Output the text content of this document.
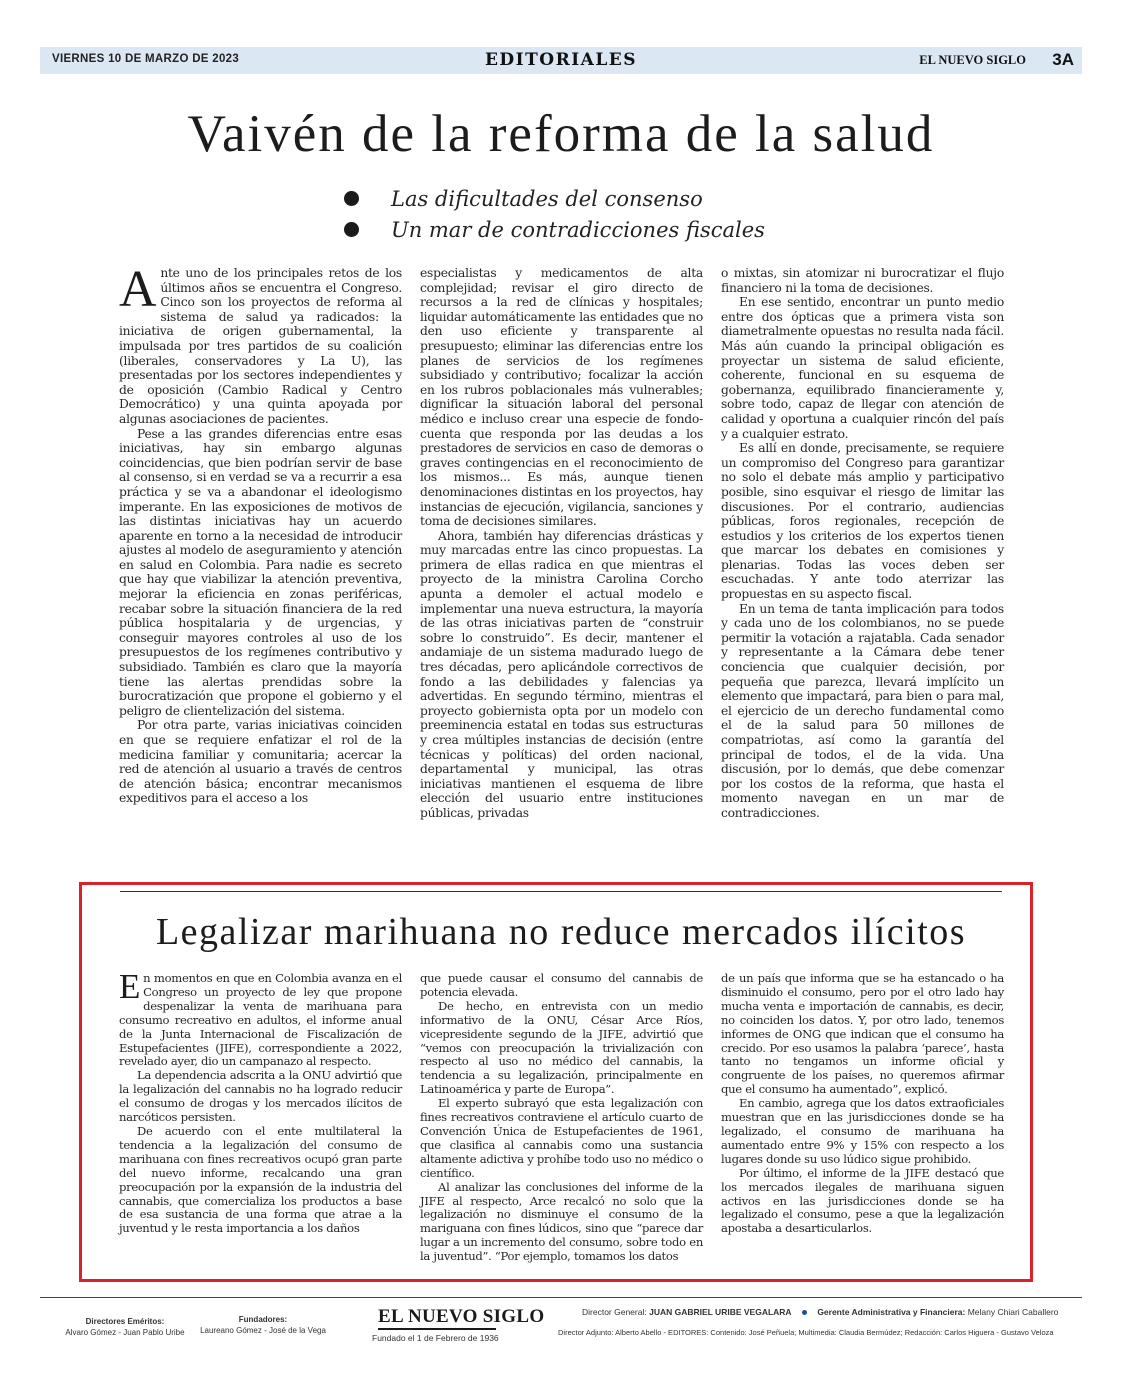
VIERNES 10 DE MARZO DE 2023	EDITORIALES	EL NUEVO SIGLO 3A
Vaivén de la reforma de la salud
Las dificultades del consenso
Un mar de contradicciones fiscales

Ante uno de los principales retos de los últimos años se encuentra el Congreso. Cinco son los proyectos de reforma al sistema de salud ya radicados: la iniciativa de origen gubernamental, la impulsada por tres partidos de su coalición (liberales, conservadores y La U), las presentadas por los sectores independientes y de oposición (Cambio Radical y Centro Democrático) y una quinta apoyada por algunas asociaciones de pacientes.

Pese a las grandes diferencias entre esas iniciativas, hay sin embargo algunas coincidencias, que bien podrían servir de base al consenso, si en verdad se va a recurrir a esa práctica y se va a abandonar el ideologismo imperante. En las exposiciones de motivos de las distintas iniciativas hay un acuerdo aparente en torno a la necesidad de introducir ajustes al modelo de aseguramiento y atención en salud en Colombia. Para nadie es secreto que hay que viabilizar la atención preventiva, mejorar la eficiencia en zonas periféricas, recabar sobre la situación financiera de la red pública hospitalaria y de urgencias, y conseguir mayores controles al uso de los presupuestos de los regímenes contributivo y subsidiado. También es claro que la mayoría tiene las alertas prendidas sobre la burocratización que propone el gobierno y el peligro de clientelización del sistema.

Por otra parte, varias iniciativas coinciden en que se requiere enfatizar el rol de la medicina familiar y comunitaria; acercar la red de atención al usuario a través de centros de atención básica; encontrar mecanismos expeditivos para el acceso a los

especialistas y medicamentos de alta complejidad; revisar el giro directo de recursos a la red de clínicas y hospitales; liquidar automáticamente las entidades que no den uso eficiente y transparente al presupuesto; eliminar las diferencias entre los planes de servicios de los regímenes subsidiado y contributivo; focalizar la acción en los rubros poblacionales más vulnerables; dignificar la situación laboral del personal médico e incluso crear una especie de fondo-cuenta que responda por las deudas a los prestadores de servicios en caso de demoras o graves contingencias en el reconocimiento de los mismos... Es más, aunque tienen denominaciones distintas en los proyectos, hay instancias de ejecución, vigilancia, sanciones y toma de decisiones similares.

Ahora, también hay diferencias drásticas y muy marcadas entre las cinco propuestas. La primera de ellas radica en que mientras el proyecto de la ministra Carolina Corcho apunta a demoler el actual modelo e implementar una nueva estructura, la mayoría de las otras iniciativas parten de “construir sobre lo construido”. Es decir, mantener el andamiaje de un sistema madurado luego de tres décadas, pero aplicándole correctivos de fondo a las debilidades y falencias ya advertidas. En segundo término, mientras el proyecto gobiernista opta por un modelo con preeminencia estatal en todas sus estructuras y crea múltiples instancias de decisión (entre técnicas y políticas) del orden nacional, departamental y municipal, las otras iniciativas mantienen el esquema de libre elección del usuario entre instituciones públicas, privadas

o mixtas, sin atomizar ni burocratizar el flujo financiero ni la toma de decisiones.

En ese sentido, encontrar un punto medio entre dos ópticas que a primera vista son diametralmente opuestas no resulta nada fácil. Más aún cuando la principal obligación es proyectar un sistema de salud eficiente, coherente, funcional en su esquema de gobernanza, equilibrado financieramente y, sobre todo, capaz de llegar con atención de calidad y oportuna a cualquier rincón del país y a cualquier estrato.

Es allí en donde, precisamente, se requiere un compromiso del Congreso para garantizar no solo el debate más amplio y participativo posible, sino esquivar el riesgo de limitar las discusiones. Por el contrario, audiencias públicas, foros regionales, recepción de estudios y los criterios de los expertos tienen que marcar los debates en comisiones y plenarias. Todas las voces deben ser escuchadas. Y ante todo aterrizar las propuestas en su aspecto fiscal.

En un tema de tanta implicación para todos y cada uno de los colombianos, no se puede permitir la votación a rajatabla. Cada senador y representante a la Cámara debe tener conciencia que cualquier decisión, por pequeña que parezca, llevará implícito un elemento que impactará, para bien o para mal, el ejercicio de un derecho fundamental como el de la salud para 50 millones de compatriotas, así como la garantía del principal de todos, el de la vida. Una discusión, por lo demás, que debe comenzar por los costos de la reforma, que hasta el momento navegan en un mar de contradicciones.

Legalizar marihuana no reduce mercados ilícitos

En momentos en que en Colombia avanza en el Congreso un proyecto de ley que propone despenalizar la venta de marihuana para consumo recreativo en adultos, el informe anual de la Junta Internacional de Fiscalización de Estupefacientes (JIFE), correspondiente a 2022, revelado ayer, dio un campanazo al respecto.

La dependencia adscrita a la ONU advirtió que la legalización del cannabis no ha logrado reducir el consumo de drogas y los mercados ilícitos de narcóticos persisten.

De acuerdo con el ente multilateral la tendencia a la legalización del consumo de marihuana con fines recreativos ocupó gran parte del nuevo informe, recalcando una gran preocupación por la expansión de la industria del cannabis, que comercializa los productos a base de esa sustancia de una forma que atrae a la juventud y le resta importancia a los daños

que puede causar el consumo del cannabis de potencia elevada.

De hecho, en entrevista con un medio informativo de la ONU, César Arce Ríos, vicepresidente segundo de la JIFE, advirtió que “vemos con preocupación la trivialización con respecto al uso no médico del cannabis, la tendencia a su legalización, principalmente en Latinoamérica y parte de Europa”.

El experto subrayó que esta legalización con fines recreativos contraviene el artículo cuarto de Convención Única de Estupefacientes de 1961, que clasifica al cannabis como una sustancia altamente adictiva y prohíbe todo uso no médico o científico.

Al analizar las conclusiones del informe de la JIFE al respecto, Arce recalcó no solo que la legalización no disminuye el consumo de la mariguana con fines lúdicos, sino que “parece dar lugar a un incremento del consumo, sobre todo en la juventud”. “Por ejemplo, tomamos los datos

de un país que informa que se ha estancado o ha disminuido el consumo, pero por el otro lado hay mucha venta e importación de cannabis, es decir, no coinciden los datos. Y, por otro lado, tenemos informes de ONG que indican que el consumo ha crecido. Por eso usamos la palabra ‘parece’, hasta tanto no tengamos un informe oficial y congruente de los países, no queremos afirmar que el consumo ha aumentado”, explicó.

En cambio, agrega que los datos extraoficiales muestran que en las jurisdicciones donde se ha legalizado, el consumo de marihuana ha aumentado entre 9% y 15% con respecto a los lugares donde su uso lúdico sigue prohibido.

Por último, el informe de la JIFE destacó que los mercados ilegales de marihuana siguen activos en las jurisdicciones donde se ha legalizado el consumo, pese a que la legalización apostaba a desarticularlos.

Directores Eméritos:
Alvaro Gómez - Juan Pablo Uribe
Fundadores:
Laureano Gómez - José de la Vega
EL NUEVO SIGLO
Fundado el 1 de Febrero de 1936
Director General: JUAN GABRIEL URIBE VEGALARA	Gerente Administrativa y Financiera: Melany Chiari Caballero
Director Adjunto: Alberto Abello - EDITORES: Contenido: José Peñuela; Multimedia: Claudia Bermúdez; Redacción: Carlos Higuera - Gustavo Veloza
